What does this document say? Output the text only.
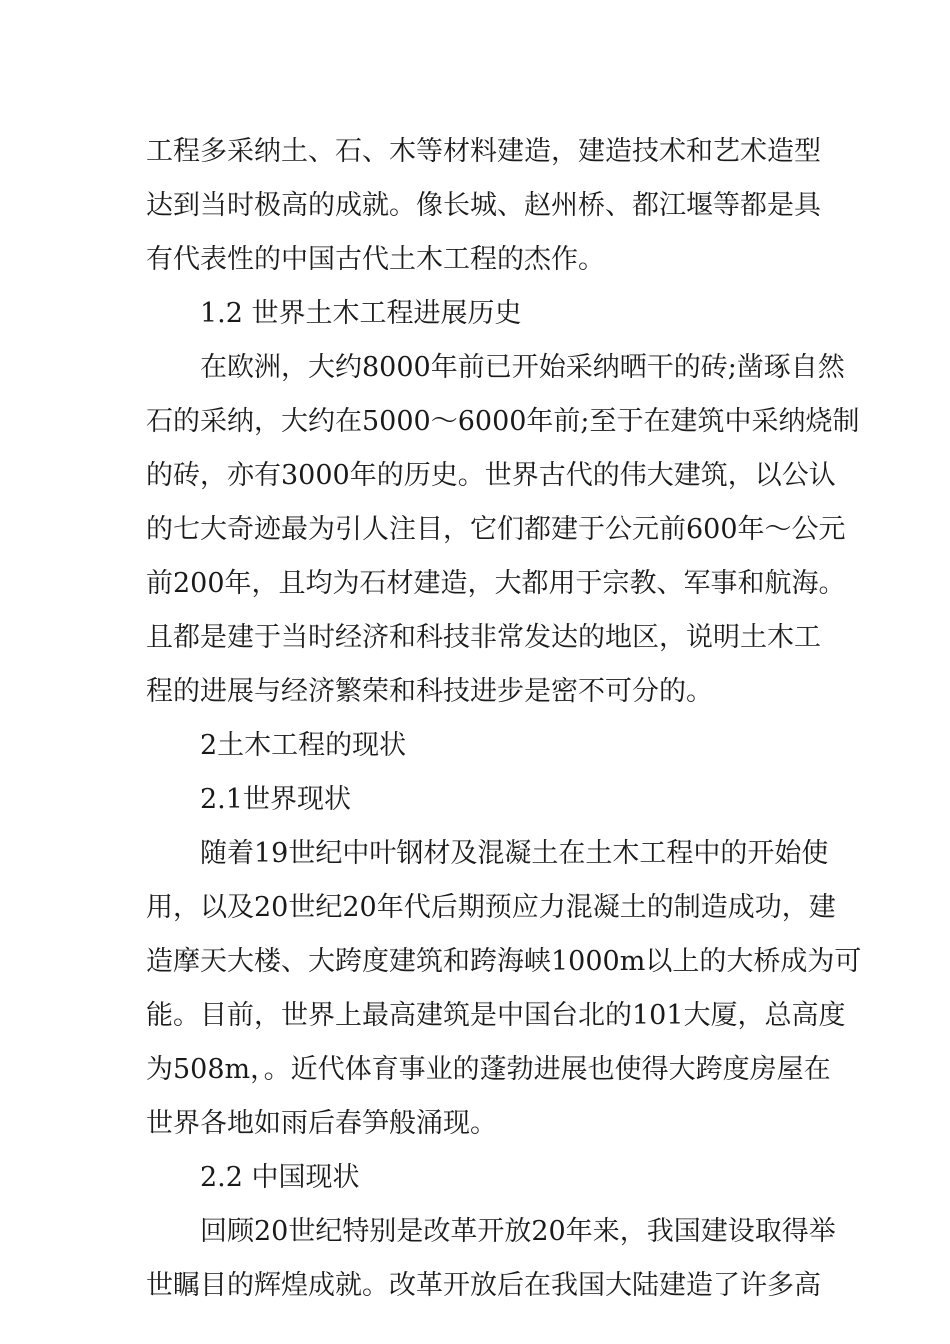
工程多采纳土、石、木等材料建造，建造技术和艺术造型
达到当时极高的成就。像长城、赵州桥、都江堰等都是具
有代表性的中国古代土木工程的杰作。
1.2 世界土木工程进展历史
在欧洲，大约8000年前已开始采纳晒干的砖;凿琢自然
石的采纳，大约在5000～6000年前;至于在建筑中采纳烧制
的砖，亦有3000年的历史。世界古代的伟大建筑，以公认
的七大奇迹最为引人注目，它们都建于公元前600年～公元
前200年，且均为石材建造，大都用于宗教、军事和航海。
且都是建于当时经济和科技非常发达的地区，说明土木工
程的进展与经济繁荣和科技进步是密不可分的。
2土木工程的现状
2.1世界现状
随着19世纪中叶钢材及混凝土在土木工程中的开始使
用，以及20世纪20年代后期预应力混凝土的制造成功，建
造摩天大楼、大跨度建筑和跨海峡1000m以上的大桥成为可
能。目前，世界上最高建筑是中国台北的101大厦，总高度
为508m，。近代体育事业的蓬勃进展也使得大跨度房屋在
世界各地如雨后春笋般涌现。
2.2 中国现状
回顾20世纪特别是改革开放20年来，我国建设取得举
世瞩目的辉煌成就。改革开放后在我国大陆建造了许多高
